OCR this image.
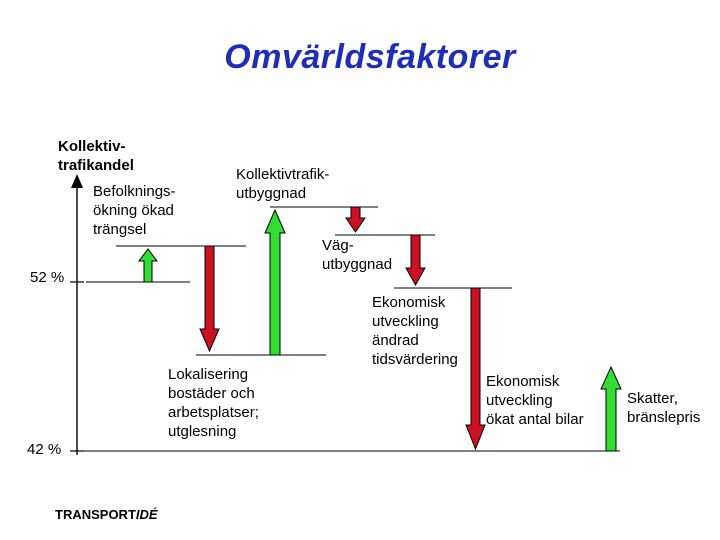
Omvärldsfaktorer
Kollektiv-
trafikandel
52 %
42 %
Befolknings-
ökning ökad
trängsel
Lokalisering
bostäder och
arbetsplatser;
utglesning
Kollektivtrafik-
utbyggnad
Väg-
utbyggnad
Ekonomisk
utveckling
ändrad
tidsvärdering
Ekonomisk
utveckling
ökat antal bilar
Skatter,
bränslepris
TRANSPORTIDÉ
